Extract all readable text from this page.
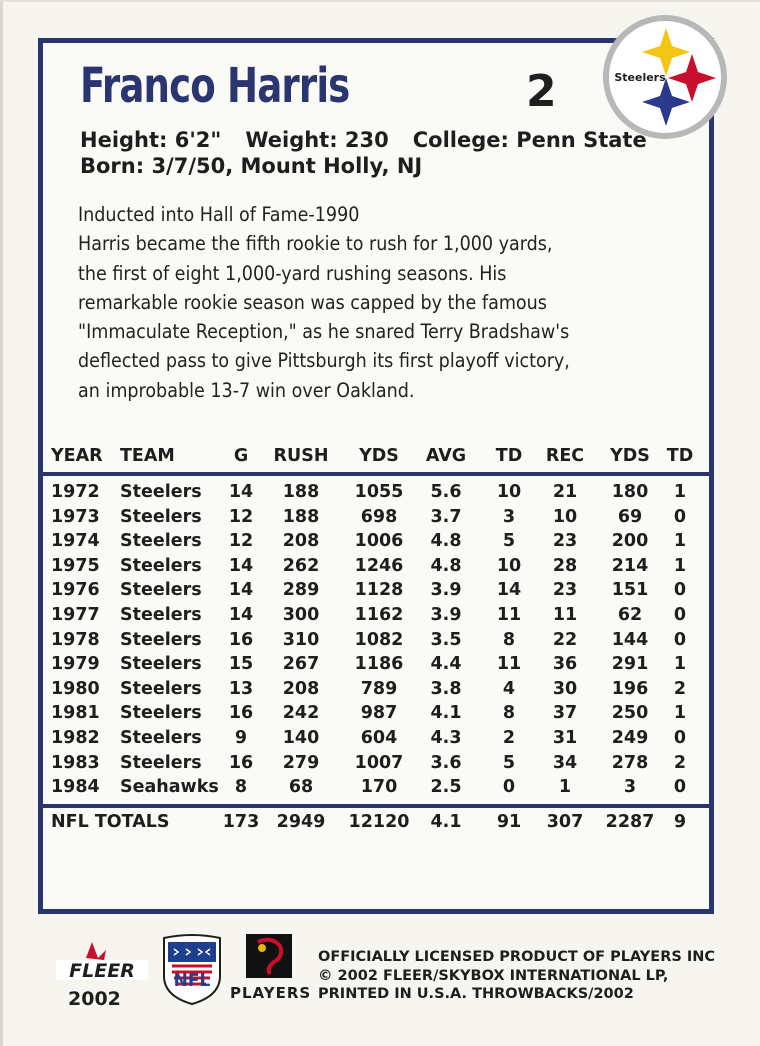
Franco Harris	2	Steelers
Height: 6'2" Weight: 230 College: Penn State
Born: 3/7/50, Mount Holly, NJ

Inducted into Hall of Fame-1990

Harris became the fifth rookie to rush for 1,000 yards,

the first of eight 1,000-yard rushing seasons. His

remarkable rookie season was capped by the famous

"Immaculate Reception," as he snared Terry Bradshaw's

deflected pass to give Pittsburgh its first playoff victory,

an improbable 13-7 win over Oakland.

YEAR TEAM	G RUSH YDS AVG TD REC YDS TD
1972 Steelers 14 188 1055 5.6 10 21 180 1
1973 Steelers 12 188 698 3.7 3 10 69 0
1974 Steelers 12 208 1006 4.8 5 23 200 1
1975 Steelers 14 262 1246 4.8 10 28 214 1
1976 Steelers 14 289 1128 3.9 14 23 151 0
1977 Steelers 14 300 1162 3.9 11 11 62 0
1978 Steelers 16 310 1082 3.5 8 22 144 0
1979 Steelers 15 267 1186 4.4 11 36 291 1
1980 Steelers 13 208 789 3.8 4 30 196 2
1981 Steelers 16 242 987 4.1 8 37 250 1
1982 Steelers 9 140 604 4.3 2 31 249 0
1983 Steelers 16 279 1007 3.6 5 34 278 2
1984 Seahawks 8 68	170 2.5 0	1	3 0
NFL TOTALS	173 2949 12120 4.1 91 307 2287 9
FLEER
2002
NFL
PLAYERS
OFFICIALLY LICENSED PRODUCT OF PLAYERS INC
© 2002 FLEER/SKYBOX INTERNATIONAL LP,
PRINTED IN U.S.A. THROWBACKS/2002
